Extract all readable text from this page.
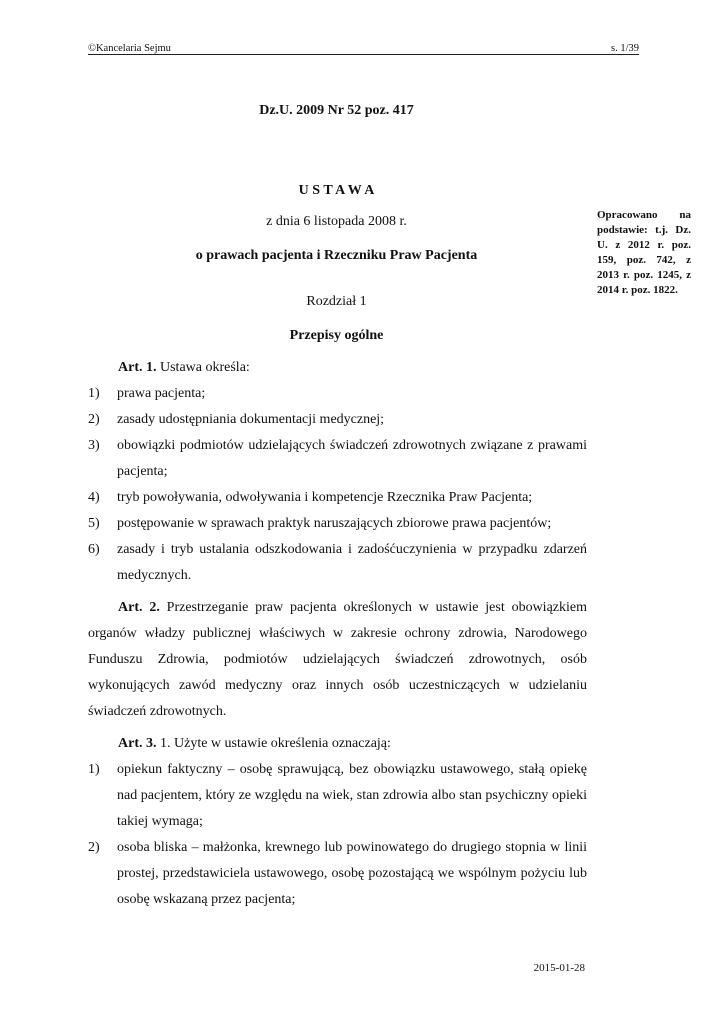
©Kancelaria Sejmu	s. 1/39
Dz.U. 2009 Nr 52 poz. 417
U S T A W A
z dnia 6 listopada 2008 r.
o prawach pacjenta i Rzeczniku Praw Pacjenta
Rozdział 1
Przepisy ogólne
Opracowano na podstawie: t.j. Dz. U. z 2012 r. poz. 159, poz. 742, z 2013 r. poz. 1245, z 2014 r. poz. 1822.
Art. 1. Ustawa określa:
1)	prawa pacjenta;
2)	zasady udostępniania dokumentacji medycznej;
3)	obowiązki podmiotów udzielających świadczeń zdrowotnych związane z prawami pacjenta;
4)	tryb powoływania, odwoływania i kompetencje Rzecznika Praw Pacjenta;
5)	postępowanie w sprawach praktyk naruszających zbiorowe prawa pacjentów;
6)	zasady i tryb ustalania odszkodowania i zadośćuczynienia w przypadku zdarzeń medycznych.
Art. 2. Przestrzeganie praw pacjenta określonych w ustawie jest obowiązkiem organów władzy publicznej właściwych w zakresie ochrony zdrowia, Narodowego Funduszu Zdrowia, podmiotów udzielających świadczeń zdrowotnych, osób wykonujących zawód medyczny oraz innych osób uczestniczących w udzielaniu świadczeń zdrowotnych.
Art. 3. 1. Użyte w ustawie określenia oznaczają:
1)	opiekun faktyczny – osobę sprawującą, bez obowiązku ustawowego, stałą opiekę nad pacjentem, który ze względu na wiek, stan zdrowia albo stan psychiczny opieki takiej wymaga;
2)	osoba bliska – małżonka, krewnego lub powinowatego do drugiego stopnia w linii prostej, przedstawiciela ustawowego, osobę pozostającą we wspólnym pożyciu lub osobę wskazaną przez pacjenta;
2015-01-28
